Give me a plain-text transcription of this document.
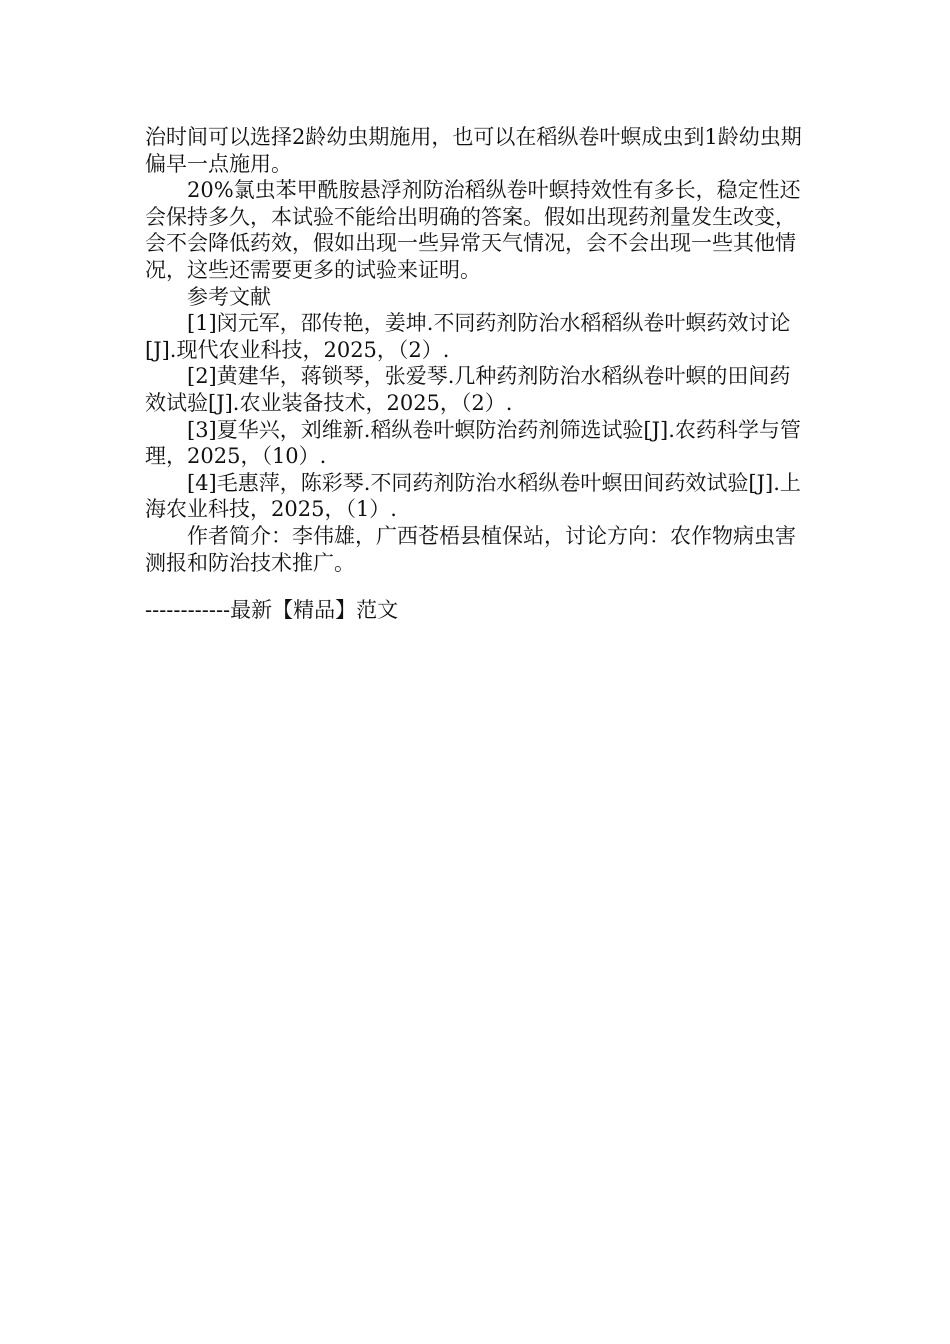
治时间可以选择2龄幼虫期施用，也可以在稻纵卷叶螟成虫到1龄幼虫期偏早一点施用。

20%氯虫苯甲酰胺悬浮剂防治稻纵卷叶螟持效性有多长，稳定性还会保持多久，本试验不能给出明确的答案。假如出现药剂量发生改变，会不会降低药效，假如出现一些异常天气情况，会不会出现一些其他情况，这些还需要更多的试验来证明。

参考文献

[1]闵元军，邵传艳，姜坤.不同药剂防治水稻稻纵卷叶螟药效讨论[J].现代农业科技，2025，（2）.

[2]黄建华，蒋锁琴，张爱琴.几种药剂防治水稻纵卷叶螟的田间药效试验[J].农业装备技术，2025，（2）.

[3]夏华兴，刘维新.稻纵卷叶螟防治药剂筛选试验[J].农药科学与管理，2025，（10）.

[4]毛惠萍，陈彩琴.不同药剂防治水稻纵卷叶螟田间药效试验[J].上海农业科技，2025，（1）.

作者简介：李伟雄，广西苍梧县植保站，讨论方向：农作物病虫害测报和防治技术推广。

------------最新【精品】范文
